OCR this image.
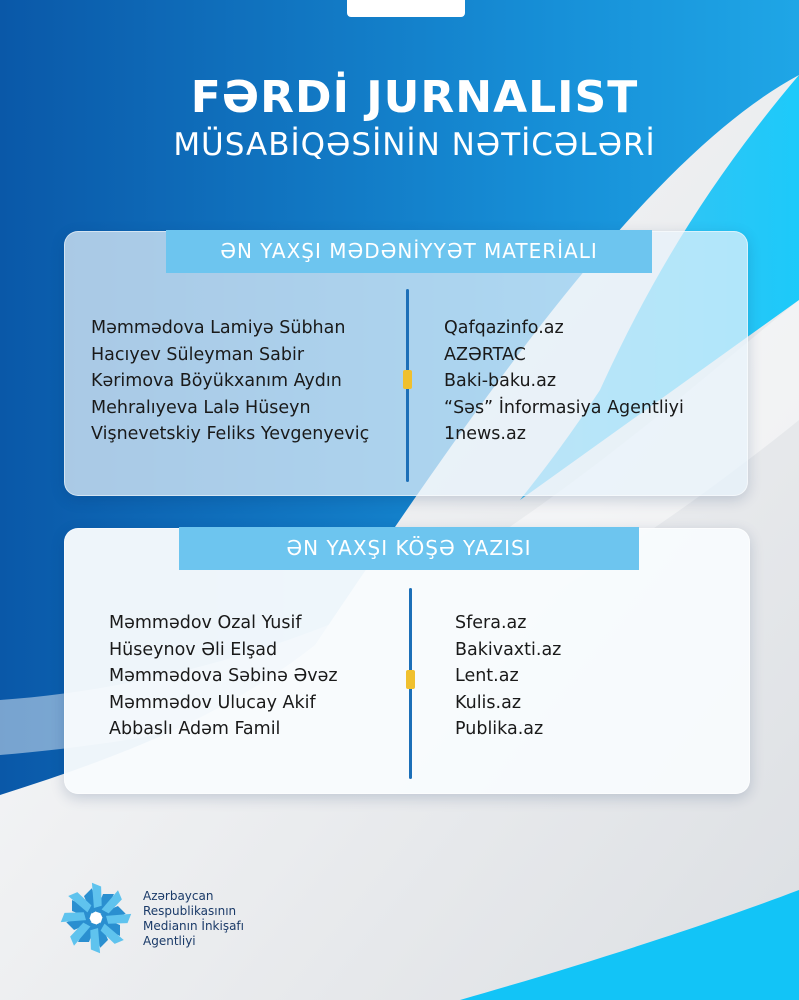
FƏRDİ JURNALIST
MÜSABİQƏSİNİN NƏTİCƏLƏRİ
ƏN YAXŞI MƏDƏNİYYƏT MATERİALI
Məmmədova Lamiyə Sübhan
Hacıyev Süleyman Sabir
Kərimova Böyükxanım Aydın
Mehralıyeva Lalə Hüseyn
Vişnevetskiy Feliks Yevgenyeviç
Qafqazinfo.az
AZƏRTAC
Baki-baku.az
“Səs” İnformasiya Agentliyi
1news.az
ƏN YAXŞI KÖŞƏ YAZISI
Məmmədov Ozal Yusif
Hüseynov Əli Elşad
Məmmədova Səbinə Əvəz
Məmmədov Ulucay Akif
Abbaslı Adəm Famil
Sfera.az
Bakivaxti.az
Lent.az
Kulis.az
Publika.az
Azərbaycan
Respublikasının
Medianın İnkişafı
Agentliyi
